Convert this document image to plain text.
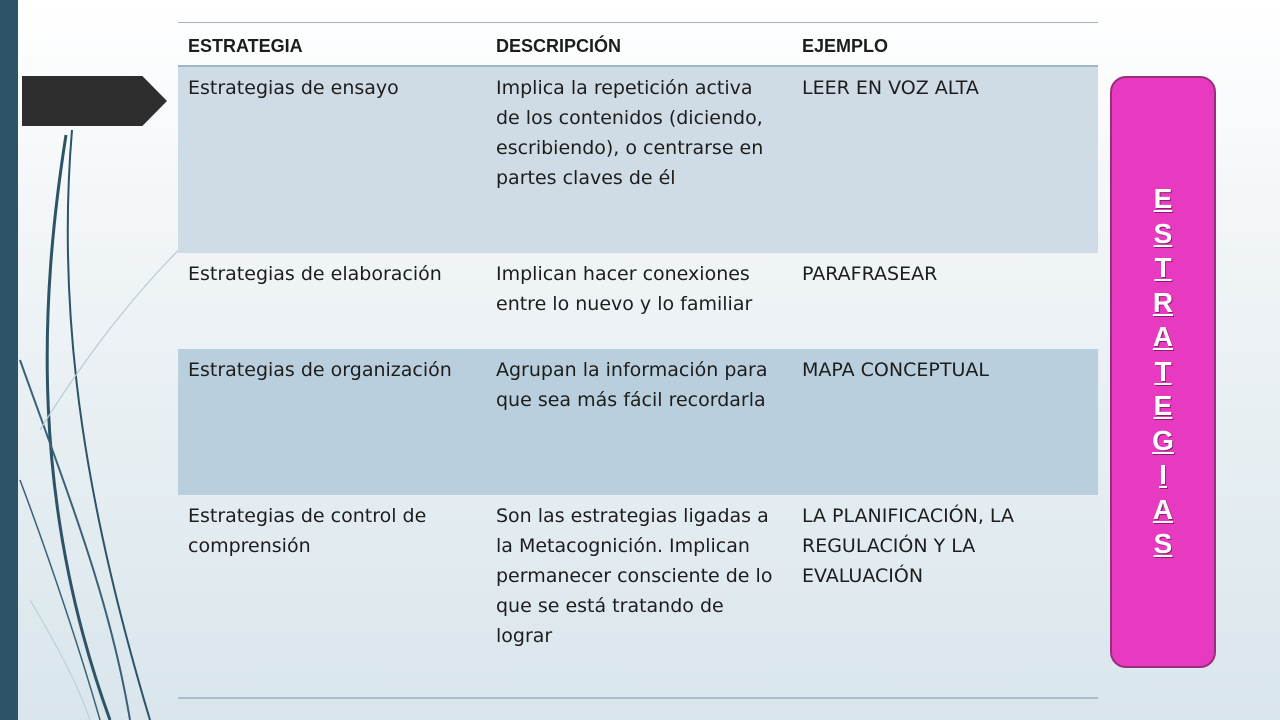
ESTRATEGIA	DESCRIPCIÓN	EJEMPLO
Estrategias de ensayo	Implica la repetición activa de los contenidos (diciendo, escribiendo), o centrarse en partes claves de él	LEER EN VOZ ALTA
Estrategias de elaboración	Implican hacer conexiones entre lo nuevo y lo familiar	PARAFRASEAR
Estrategias de organización	Agrupan la información para que sea más fácil recordarla	MAPA CONCEPTUAL
Estrategias de control de comprensión	Son las estrategias ligadas a la Metacognición. Implican permanecer consciente de lo que se está tratando de lograr	LA PLANIFICACIÓN, LA REGULACIÓN Y LA EVALUACIÓN
E
S
T
R
A
T
E
G
I
A
S
